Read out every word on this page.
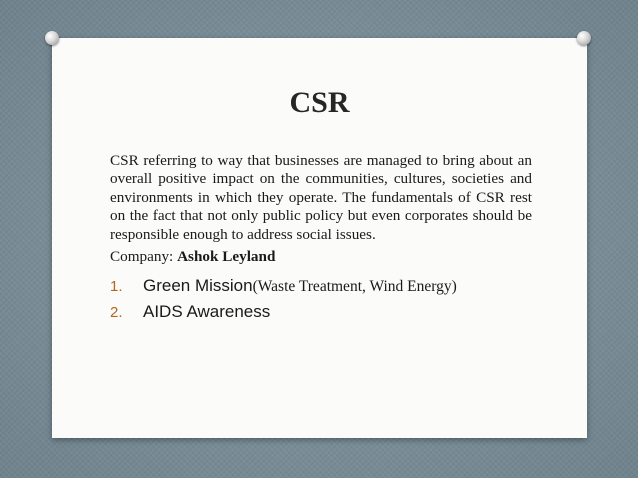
CSR

CSR referring to way that businesses are managed to bring about an overall positive impact on the communities, cultures, societies and environments in which they operate. The fundamentals of CSR rest on the fact that not only public policy but even corporates should be responsible enough to address social issues.

Company: Ashok Leyland

1.	Green Mission (Waste Treatment, Wind Energy)
2.	AIDS Awareness
